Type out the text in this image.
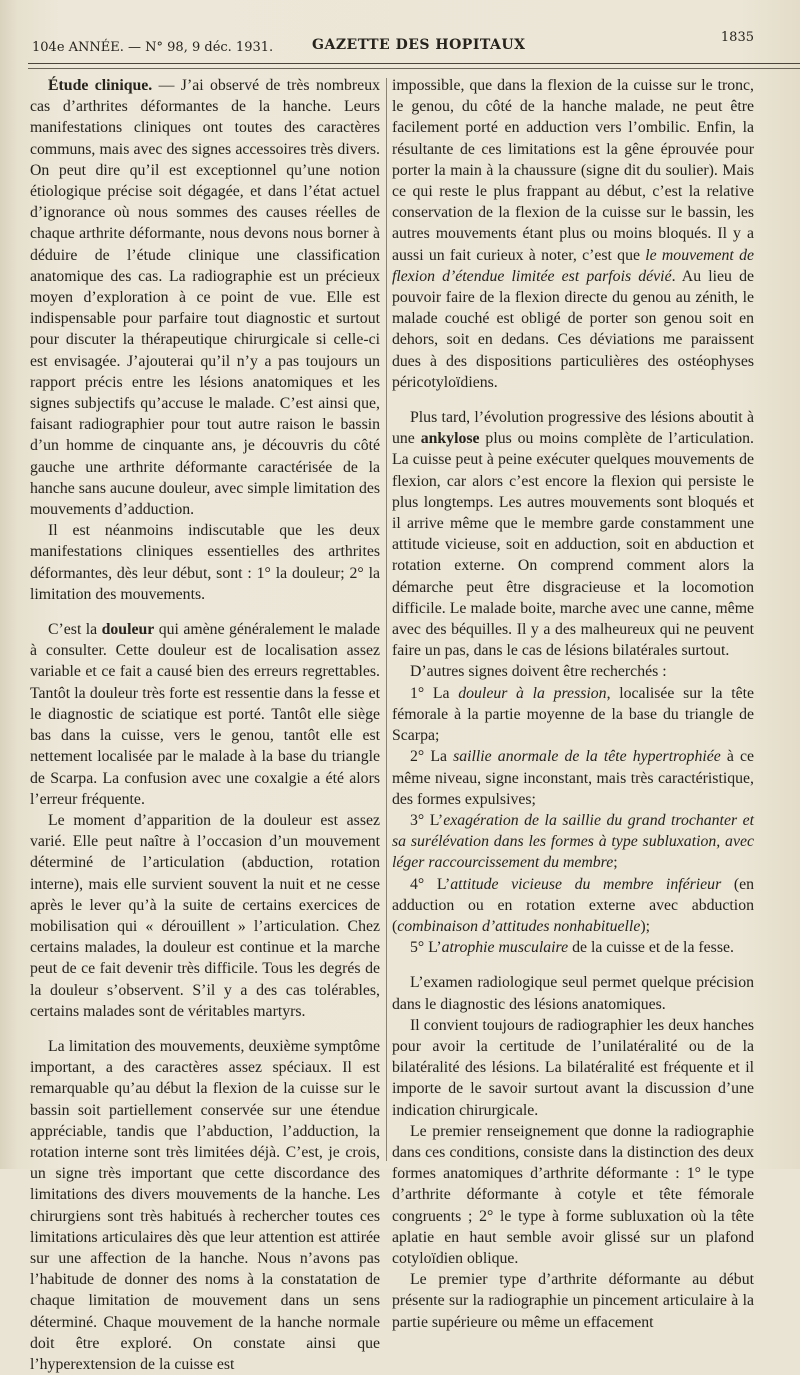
104e ANNÉE. — N° 98, 9 déc. 1931.	GAZETTE DES HOPITAUX	1835

Étude clinique. — J’ai observé de très nombreux cas d’arthrites déformantes de la hanche. Leurs manifestations cliniques ont toutes des caractères communs, mais avec des signes accessoires très divers. On peut dire qu’il est exceptionnel qu’une notion étiologique précise soit dégagée, et dans l’état actuel d’ignorance où nous sommes des causes réelles de chaque arthrite déformante, nous devons nous borner à déduire de l’étude clinique une classification anatomique des cas. La radiographie est un précieux moyen d’exploration à ce point de vue. Elle est indispensable pour parfaire tout diagnostic et surtout pour discuter la thérapeutique chirurgicale si celle-ci est envisagée. J’ajouterai qu’il n’y a pas toujours un rapport précis entre les lésions anatomiques et les signes subjectifs qu’accuse le malade. C’est ainsi que, faisant radiographier pour tout autre raison le bassin d’un homme de cinquante ans, je découvris du côté gauche une arthrite déformante caractérisée de la hanche sans aucune douleur, avec simple limitation des mouvements d’adduction.

Il est néanmoins indiscutable que les deux manifestations cliniques essentielles des arthrites déformantes, dès leur début, sont : 1° la douleur; 2° la limitation des mouvements.

C’est la douleur qui amène généralement le malade à consulter. Cette douleur est de localisation assez variable et ce fait a causé bien des erreurs regrettables. Tantôt la douleur très forte est ressentie dans la fesse et le diagnostic de sciatique est porté. Tantôt elle siège bas dans la cuisse, vers le genou, tantôt elle est nettement localisée par le malade à la base du triangle de Scarpa. La confusion avec une coxalgie a été alors l’erreur fréquente.

Le moment d’apparition de la douleur est assez varié. Elle peut naître à l’occasion d’un mouvement déterminé de l’articulation (abduction, rotation interne), mais elle survient souvent la nuit et ne cesse après le lever qu’à la suite de certains exercices de mobilisation qui « dérouillent » l’articulation. Chez certains malades, la douleur est continue et la marche peut de ce fait devenir très difficile. Tous les degrés de la douleur s’observent. S’il y a des cas tolérables, certains malades sont de véritables martyrs.

La limitation des mouvements, deuxième symptôme important, a des caractères assez spéciaux. Il est remarquable qu’au début la flexion de la cuisse sur le bassin soit partiellement conservée sur une étendue appréciable, tandis que l’abduction, l’adduction, la rotation interne sont très limitées déjà. C’est, je crois, un signe très important que cette discordance des limitations des divers mouvements de la hanche. Les chirurgiens sont très habitués à rechercher toutes ces limitations articulaires dès que leur attention est attirée sur une affection de la hanche. Nous n’avons pas l’habitude de donner des noms à la constatation de chaque limitation de mouvement dans un sens déterminé. Chaque mouvement de la hanche normale doit être exploré. On constate ainsi que l’hyperextension de la cuisse est

impossible, que dans la flexion de la cuisse sur le tronc, le genou, du côté de la hanche malade, ne peut être facilement porté en adduction vers l’ombilic. Enfin, la résultante de ces limitations est la gêne éprouvée pour porter la main à la chaussure (signe dit du soulier). Mais ce qui reste le plus frappant au début, c’est la relative conservation de la flexion de la cuisse sur le bassin, les autres mouvements étant plus ou moins bloqués. Il y a aussi un fait curieux à noter, c’est que le mouvement de flexion d’étendue limitée est parfois dévié. Au lieu de pouvoir faire de la flexion directe du genou au zénith, le malade couché est obligé de porter son genou soit en dehors, soit en dedans. Ces déviations me paraissent dues à des dispositions particulières des ostéophyses péricotyloïdiens.

Plus tard, l’évolution progressive des lésions aboutit à une ankylose plus ou moins complète de l’articulation. La cuisse peut à peine exécuter quelques mouvements de flexion, car alors c’est encore la flexion qui persiste le plus longtemps. Les autres mouvements sont bloqués et il arrive même que le membre garde constamment une attitude vicieuse, soit en adduction, soit en abduction et rotation externe. On comprend comment alors la démarche peut être disgracieuse et la locomotion difficile. Le malade boite, marche avec une canne, même avec des béquilles. Il y a des malheureux qui ne peuvent faire un pas, dans le cas de lésions bilatérales surtout.

D’autres signes doivent être recherchés :

1° La douleur à la pression, localisée sur la tête fémorale à la partie moyenne de la base du triangle de Scarpa;

2° La saillie anormale de la tête hypertrophiée à ce même niveau, signe inconstant, mais très caractéristique, des formes expulsives;

3° L’exagération de la saillie du grand trochanter et sa surélévation dans les formes à type subluxation, avec léger raccourcissement du membre;

4° L’attitude vicieuse du membre inférieur (en adduction ou en rotation externe avec abduction (combinaison d’attitudes nonhabituelle);

5° L’atrophie musculaire de la cuisse et de la fesse.

L’examen radiologique seul permet quelque précision dans le diagnostic des lésions anatomiques.

Il convient toujours de radiographier les deux hanches pour avoir la certitude de l’unilatéralité ou de la bilatéralité des lésions. La bilatéralité est fréquente et il importe de le savoir surtout avant la discussion d’une indication chirurgicale.

Le premier renseignement que donne la radiographie dans ces conditions, consiste dans la distinction des deux formes anatomiques d’arthrite déformante : 1° le type d’arthrite déformante à cotyle et tête fémorale congruents ; 2° le type à forme subluxation où la tête aplatie en haut semble avoir glissé sur un plafond cotyloïdien oblique.

Le premier type d’arthrite déformante au début présente sur la radiographie un pincement articulaire à la partie supérieure ou même un effacement
